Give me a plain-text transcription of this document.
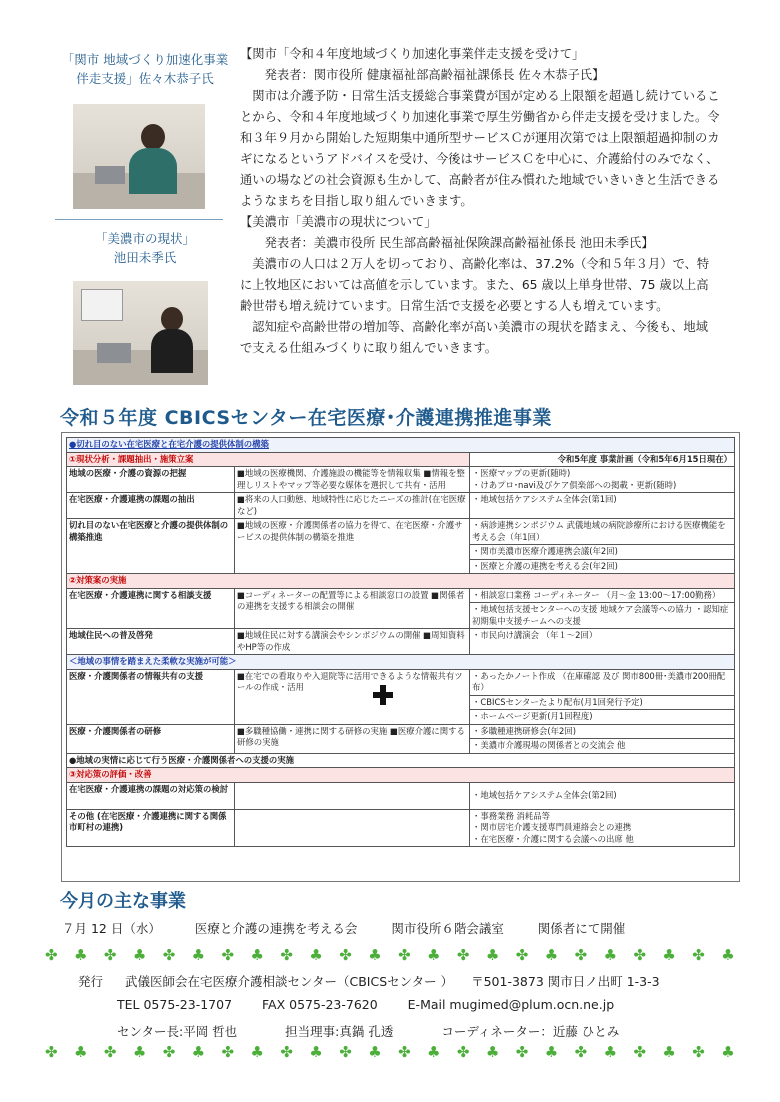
「関市 地域づくり加速化事業
伴走支援」佐々木恭子氏
「美濃市の現状」
池田未季氏

【関市「令和４年度地域づくり加速化事業伴走支援を受けて」

発表者：関市役所 健康福祉部高齢福祉課係長 佐々木恭子氏】

関市は介護予防・日常生活支援総合事業費が国が定める上限額を超過し続けていることから、令和４年度地域づくり加速化事業で厚生労働省から伴走支援を受けました。令和３年９月から開始した短期集中通所型サービスＣが運用次第では上限額超過抑制のカギになるというアドバイスを受け、今後はサービスＣを中心に、介護給付のみでなく、通いの場などの社会資源も生かして、高齢者が住み慣れた地域でいきいきと生活できるようなまちを目指し取り組んでいきます。

【美濃市「美濃市の現状について」

発表者：美濃市役所 民生部高齢福祉保険課高齢福祉係長 池田未季氏】

美濃市の人口は２万人を切っており、高齢化率は、37.2%（令和５年３月）で、特に上牧地区においては高値を示しています。また、65 歳以上単身世帯、75 歳以上高齢世帯も増え続けています。日常生活で支援を必要とする人も増えています。

認知症や高齢世帯の増加等、高齢化率が高い美濃市の現状を踏まえ、今後も、地域で支える仕組みづくりに取り組んでいきます。

令和５年度 CBICSセンター在宅医療･介護連携推進事業
●切れ目のない在宅医療と在宅介護の提供体制の構築		
①現状分析・課題抽出・施策立案		令和5年度 事業計画（令和5年6月15日現在）
地域の医療・介護の資源の把握	■地域の医療機関、介護施設の機能等を情報収集 ■情報を整理しリストやマップ等必要な媒体を選択して共有・活用	・医療マップの更新(随時)
・けあプロ･navi及びケア倶楽部への掲載・更新(随時)

在宅医療・介護連携の課題の抽出	■将来の人口動態、地域特性に応じたニーズの推計(在宅医療など)	・地域包括ケアシステム全体会(第1回)
切れ目のない在宅医療と介護の提供体制の構築推進	■地域の医療・介護関係者の協力を得て、在宅医療・介護サービスの提供体制の構築を推進	・病診連携シンポジウム 武儀地域の病院診療所における医療機能を考える会（年1回）
		・関市美濃市医療介護連携会議(年2回)
		・医療と介護の連携を考える会(年2回)
②対策案の実施		
在宅医療・介護連携に関する相談支援	■コーディネーターの配置等による相談窓口の設置 ■関係者の連携を支援する相談会の開催	・相談窓口業務 コーディネーター （月～金 13:00～17:00勤務）
		・地域包括支援センターへの支援 地域ケア会議等への協力 ・認知症初期集中支援チームへの支援
地域住民への普及啓発	■地域住民に対する講演会やシンポジウムの開催 ■周知資料やHP等の作成	・市民向け講演会 （年１～2回）
＜地域の事情を踏まえた柔軟な実施が可能＞		
医療・介護関係者の情報共有の支援	■在宅での看取りや入退院等に活用できるような情報共有ツールの作成・活用	・あったかノート作成 （在庫確認 及び 関市800冊･美濃市200冊配布）
		・CBICSセンターたより配布(月1回発行予定)
		・ホームページ更新(月1回程度)
医療・介護関係者の研修	■多職種協働・連携に関する研修の実施 ■医療介護に関する研修の実施	・多職種連携研修会(年2回)
		・美濃市介護現場の関係者との交流会 他
●地域の実情に応じて行う医療・介護関係者への支援の実施		
③対応策の評価・改善		
在宅医療・介護連携の課題の対応策の検討		・地域包括ケアシステム全体会(第2回)
その他 (在宅医療・介護連携に関する関係市町村の連携)		・事務業務 消耗品等
・関市居宅介護支援専門員連絡会との連携
・在宅医療・介護に関する会議への出席 他
今月の主な事業
７月 12 日（水）	医療と介護の連携を考える会	関市役所６階会議室	関係者にて開催
✤ ♣ ✤ ♣ ✤ ♣ ✤ ♣ ✤ ♣ ✤ ♣ ✤ ♣ ✤ ♣ ✤ ♣ ✤ ♣ ✤ ♣ ✤ ♣
発行 武儀医師会在宅医療介護相談センター（CBICSセンター ） 〒501-3873 関市日ノ出町 1-3-3
TEL 0575-23-1707 FAX 0575-23-7620 E-Mail mugimed@plum.ocn.ne.jp
センター長:平岡 哲也	担当理事:真鍋 孔透	コーディネーター：近藤 ひとみ
✤ ♣ ✤ ♣ ✤ ♣ ✤ ♣ ✤ ♣ ✤ ♣ ✤ ♣ ✤ ♣ ✤ ♣ ✤ ♣ ✤ ♣ ✤ ♣
